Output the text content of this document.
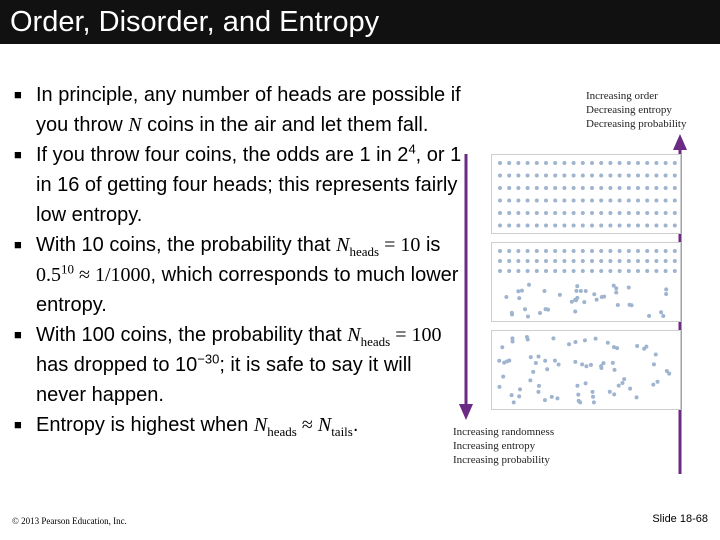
Order, Disorder, and Entropy
■ In principle, any number of heads are possible if you throw N coins in the air and let them fall.
■ If you throw four coins, the odds are 1 in $2^4$, or 1 in 16 of getting four heads; this represents fairly low entropy.
■ With 10 coins, the probability that $N_{heads} = 10$ is $0.5^{10} \approx 1/1000$, which corresponds to much lower entropy.
■ With 100 coins, the probability that $N_{heads} = 100$ has dropped to $10^{-30}$; it is safe to say it will never happen.
■ Entropy is highest when $N_{heads} \approx N_{tails}$.
Increasing order
Decreasing entropy
Decreasing probability
Increasing randomness
Increasing entropy
Increasing probability
© 2013 Pearson Education, Inc.	Slide 18-68
